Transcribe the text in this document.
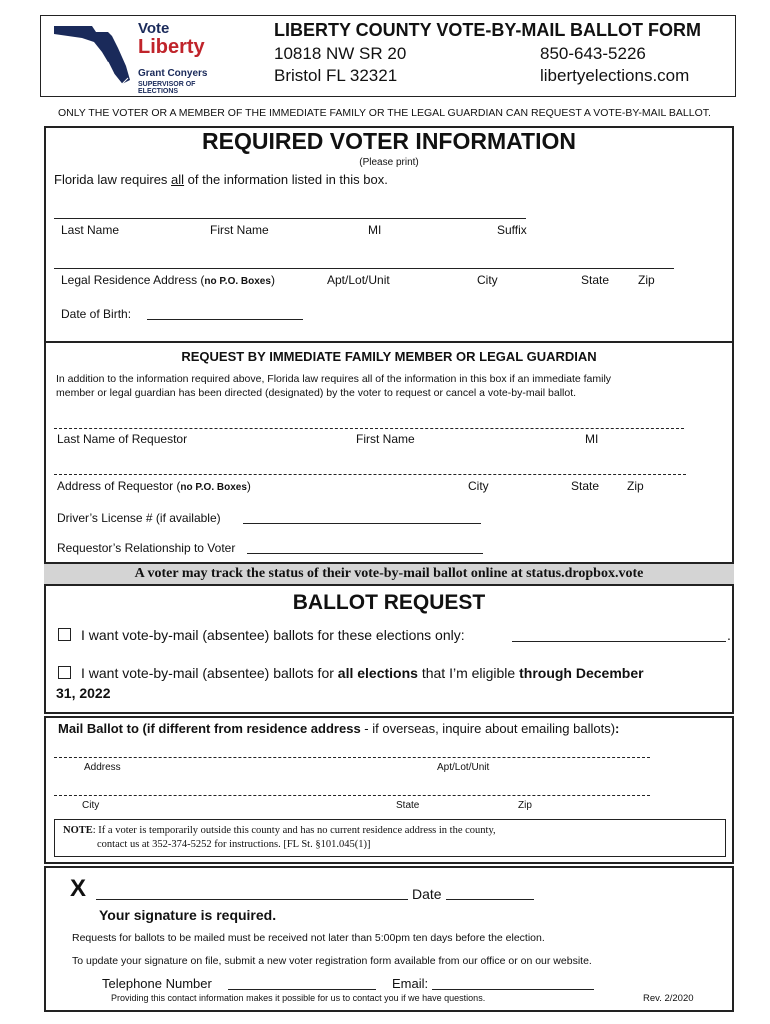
Vote
Liberty
Grant Conyers
SUPERVISOR OF ELECTIONS
LIBERTY COUNTY VOTE-BY-MAIL BALLOT FORM
10818 NW SR 20
Bristol FL 32321
850-643-5226
libertyelections.com
ONLY THE VOTER OR A MEMBER OF THE IMMEDIATE FAMILY OR THE LEGAL GUARDIAN CAN REQUEST A VOTE-BY-MAIL BALLOT.
REQUIRED VOTER INFORMATION
(Please print)
Florida law requires all of the information listed in this box.
Last Name	First Name	MI	Suffix
Legal Residence Address (no P.O. Boxes)	Apt/Lot/Unit	City	State Zip
Date of Birth:
REQUEST BY IMMEDIATE FAMILY MEMBER OR LEGAL GUARDIAN
In addition to the information required above, Florida law requires all of the information in this box if an immediate family
member or legal guardian has been directed (designated) by the voter to request or cancel a vote-by-mail ballot.
Last Name of Requestor	First Name	MI
Address of Requestor (no P.O. Boxes)	City	State Zip
Driver’s License # (if available)
Requestor’s Relationship to Voter
A voter may track the status of their vote-by-mail ballot online at status.dropbox.vote
BALLOT REQUEST
I want vote-by-mail (absentee) ballots for these elections only:	.
I want vote-by-mail (absentee) ballots for all elections that I’m eligible through December
31, 2022
Mail Ballot to (if different from residence address - if overseas, inquire about emailing ballots):
Address	Apt/Lot/Unit
City	State	Zip
NOTE: If a voter is temporarily outside this county and has no current residence address in the county,
contact us at 352-374-5252 for instructions. [FL St. §101.045(1)]
X	Date
Your signature is required.
Requests for ballots to be mailed must be received not later than 5:00pm ten days before the election.
To update your signature on file, submit a new voter registration form available from our office or on our website.
Telephone Number	Email:
Providing this contact information makes it possible for us to contact you if we have questions.	Rev. 2/2020
